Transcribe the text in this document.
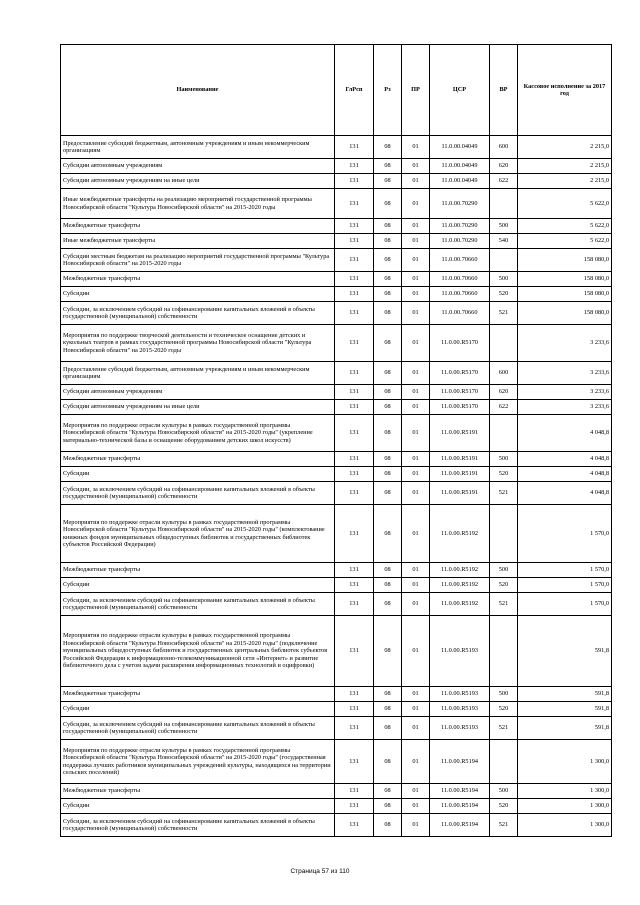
Наименование	ГлРсп	Рз	ПР	ЦСР	ВР	Кассовое исполнение за 2017 год
Предоставление субсидий бюджетным, автономным учреждениям и иным некоммерческим организациям	131	08	01	11.0.00.04049	600	2 215,0
Субсидии автономным учреждениям	131	08	01	11.0.00.04049	620	2 215,0
Субсидии автономным учреждениям на иные цели	131	08	01	11.0.00.04049	622	2 215,0
Иные межбюджетные трансферты на реализацию мероприятий государственной программы Новосибирской области "Культура Новосибирской области" на 2015-2020 годы	131	08	01	11.0.00.70290		5 622,0
Межбюджетные трансферты	131	08	01	11.0.00.70290	500	5 622,0
Иные межбюджетные трансферты	131	08	01	11.0.00.70290	540	5 622,0
Субсидии местным бюджетам на реализацию мероприятий государственной программы "Культура Новосибирской области" на 2015-2020 годы	131	08	01	11.0.00.70660		158 080,0
Межбюджетные трансферты	131	08	01	11.0.00.70660	500	158 080,0
Субсидии	131	08	01	11.0.00.70660	520	158 080,0
Субсидии, за исключением субсидий на софинансирование капитальных вложений в объекты государственной (муниципальной) собственности	131	08	01	11.0.00.70660	521	158 080,0
Мероприятия по поддержке творческой деятельности и техническое оснащение детских и кукольных театров в рамках государственной программы Новосибирской области "Культура Новосибирской области" на 2015-2020 годы	131	08	01	11.0.00.R5170		3 233,6
Предоставление субсидий бюджетным, автономным учреждениям и иным некоммерческим организациям	131	08	01	11.0.00.R5170	600	3 233,6
Субсидии автономным учреждениям	131	08	01	11.0.00.R5170	620	3 233,6
Субсидии автономным учреждениям на иные цели	131	08	01	11.0.00.R5170	622	3 233,6
Мероприятия по поддержке отрасли культуры в рамках государственной программы Новосибирской области "Культура Новосибирской области" на 2015-2020 годы" (укрепление материально-технической базы и оснащение оборудованием детских школ искусств)	131	08	01	11.0.00.R5191		4 048,8
Межбюджетные трансферты	131	08	01	11.0.00.R5191	500	4 048,8
Субсидии	131	08	01	11.0.00.R5191	520	4 048,8
Субсидии, за исключением субсидий на софинансирование капитальных вложений в объекты государственной (муниципальной) собственности	131	08	01	11.0.00.R5191	521	4 048,8
Мероприятия по поддержке отрасли культуры в рамках государственной программы Новосибирской области "Культура Новосибирской области" на 2015-2020 годы" (комплектование книжных фондов муниципальных общедоступных библиотек и государственных библиотек субъектов Российской Федерации)	131	08	01	11.0.00.R5192		1 570,0
Межбюджетные трансферты	131	08	01	11.0.00.R5192	500	1 570,0
Субсидии	131	08	01	11.0.00.R5192	520	1 570,0
Субсидии, за исключением субсидий на софинансирование капитальных вложений в объекты государственной (муниципальной) собственности	131	08	01	11.0.00.R5192	521	1 570,0
Мероприятия по поддержке отрасли культуры в рамках государственной программы Новосибирской области "Культура Новосибирской области" на 2015-2020 годы" (подключение муниципальных общедоступных библиотек и государственных центральных библиотек субъектов Российской Федерации к информационно-телекоммуникационной сети «Интернет» и развитие библиотечного дела с учетом задачи расширения информационных технологий и оцифровки)	131	08	01	11.0.00.R5193		591,8
Межбюджетные трансферты	131	08	01	11.0.00.R5193	500	591,8
Субсидии	131	08	01	11.0.00.R5193	520	591,8
Субсидии, за исключением субсидий на софинансирование капитальных вложений в объекты государственной (муниципальной) собственности	131	08	01	11.0.00.R5193	521	591,8
Мероприятия по поддержке отрасли культуры в рамках государственной программы Новосибирской области "Культура Новосибирской области" на 2015-2020 годы" (государственная поддержка лучших работников муниципальных учреждений культуры, находящихся на территории сельских поселений)	131	08	01	11.0.00.R5194		1 300,0
Межбюджетные трансферты	131	08	01	11.0.00.R5194	500	1 300,0
Субсидии	131	08	01	11.0.00.R5194	520	1 300,0
Субсидии, за исключением субсидий на софинансирование капитальных вложений в объекты государственной (муниципальной) собственности	131	08	01	11.0.00.R5194	521	1 300,0
Страница 57 из 110
